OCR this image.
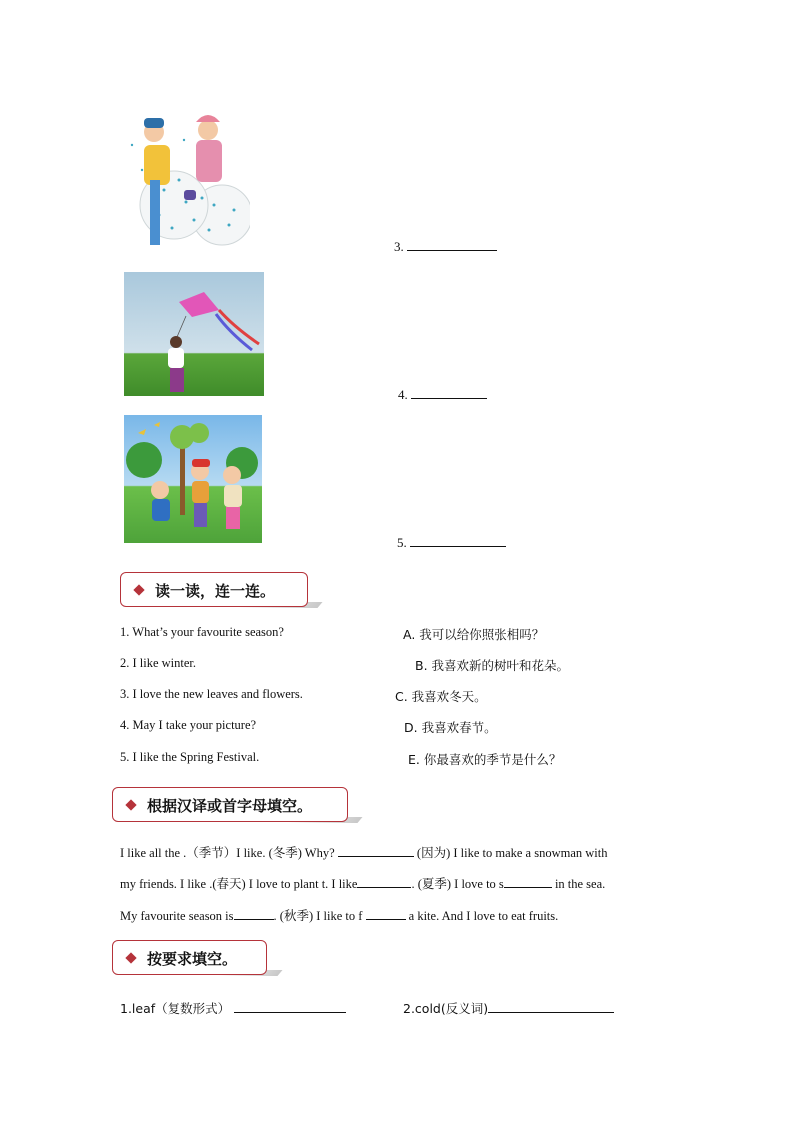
3.
4.
5.
读一读，连一连。
1. What’s your favourite season?
2. I like winter.
3. I love the new leaves and flowers.
4. May I take your picture?
5. I like the Spring Festival.
A. 我可以给你照张相吗？
B. 我喜欢新的树叶和花朵。
C. 我喜欢冬天。
D. 我喜欢春节。
E. 你最喜欢的季节是什么？
根据汉译或首字母填空。
I like all the .（季节）I like. (冬季) Why?	(因为) I like to make a snowman with
my friends. I like .(春天) I love to plant t. I like	. (夏季) I love to s	in the sea.
My favourite season is	. (秋季) I like to f	a kite. And I love to eat fruits.
按要求填空。
1.leaf（复数形式）	2.cold(反义词)
